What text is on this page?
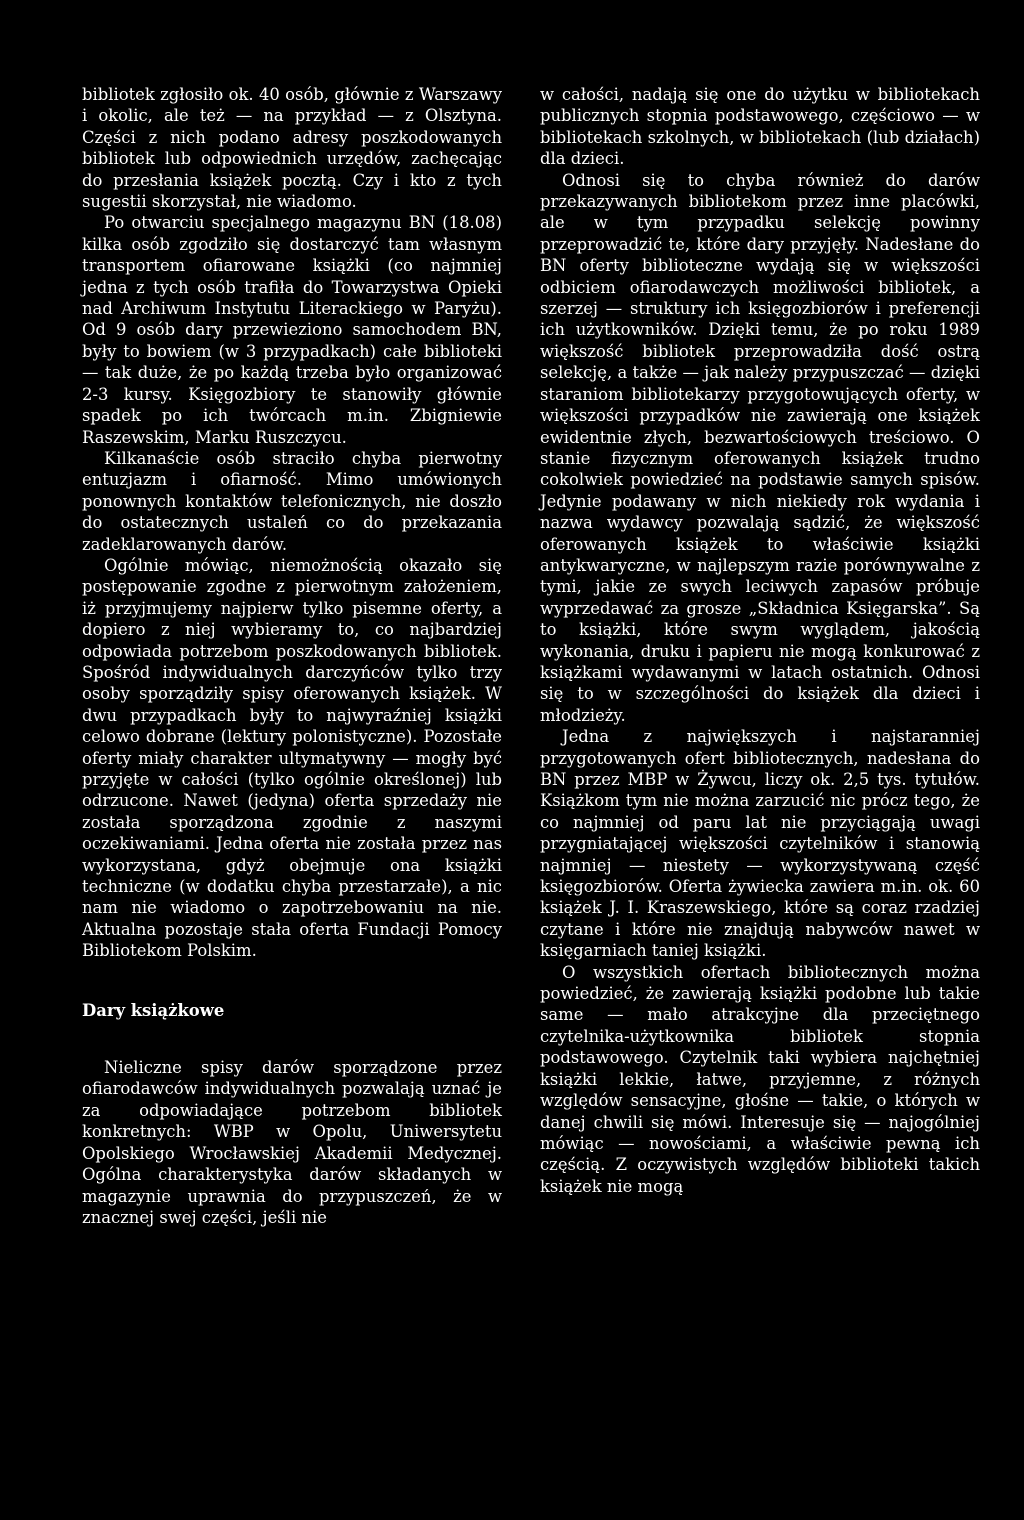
bibliotek zgłosiło ok. 40 osób, głównie z Warszawy i okolic, ale też — na przykład — z Olsztyna. Części z nich podano adresy poszkodowanych bibliotek lub odpowiednich urzędów, zachęcając do przesłania książek pocztą. Czy i kto z tych sugestii skorzystał, nie wiadomo.

Po otwarciu specjalnego magazynu BN (18.08) kilka osób zgodziło się dostarczyć tam własnym transportem ofiarowane książki (co najmniej jedna z tych osób trafiła do Towarzystwa Opieki nad Archiwum Instytutu Literackiego w Paryżu). Od 9 osób dary przewieziono samochodem BN, były to bowiem (w 3 przypadkach) całe biblioteki — tak duże, że po każdą trzeba było organizować 2-3 kursy. Księgozbiory te stanowiły głównie spadek po ich twórcach m.in. Zbigniewie Raszewskim, Marku Ruszczycu.

Kilkanaście osób straciło chyba pierwotny entuzjazm i ofiarność. Mimo umówionych ponownych kontaktów telefonicznych, nie doszło do ostatecznych ustaleń co do przekazania zadeklarowanych darów.

Ogólnie mówiąc, niemożnością okazało się postępowanie zgodne z pierwotnym założeniem, iż przyjmujemy najpierw tylko pisemne oferty, a dopiero z niej wybieramy to, co najbardziej odpowiada potrzebom poszkodowanych bibliotek. Spośród indywidualnych darczyńców tylko trzy osoby sporządziły spisy oferowanych książek. W dwu przypadkach były to najwyraźniej książki celowo dobrane (lektury polonistyczne). Pozostałe oferty miały charakter ultymatywny — mogły być przyjęte w całości (tylko ogólnie określonej) lub odrzucone. Nawet (jedyna) oferta sprzedaży nie została sporządzona zgodnie z naszymi oczekiwaniami. Jedna oferta nie została przez nas wykorzystana, gdyż obejmuje ona książki techniczne (w dodatku chyba przestarzałe), a nic nam nie wiadomo o zapotrzebowaniu na nie. Aktualna pozostaje stała oferta Fundacji Pomocy Bibliotekom Polskim.

Dary książkowe

Nieliczne spisy darów sporządzone przez ofiarodawców indywidualnych pozwalają uznać je za odpowiadające potrzebom bibliotek konkretnych: WBP w Opolu, Uniwersytetu Opolskiego Wrocławskiej Akademii Medycznej. Ogólna charakterystyka darów składanych w magazynie uprawnia do przypuszczeń, że w znacznej swej części, jeśli nie

w całości, nadają się one do użytku w bibliotekach publicznych stopnia podstawowego, częściowo — w bibliotekach szkolnych, w bibliotekach (lub działach) dla dzieci.

Odnosi się to chyba również do darów przekazywanych bibliotekom przez inne placówki, ale w tym przypadku selekcję powinny przeprowadzić te, które dary przyjęły. Nadesłane do BN oferty biblioteczne wydają się w większości odbiciem ofiarodawczych możliwości bibliotek, a szerzej — struktury ich księgozbiorów i preferencji ich użytkowników. Dzięki temu, że po roku 1989 większość bibliotek przeprowadziła dość ostrą selekcję, a także — jak należy przypuszczać — dzięki staraniom bibliotekarzy przygotowujących oferty, w większości przypadków nie zawierają one książek ewidentnie złych, bezwartościowych treściowo. O stanie fizycznym oferowanych książek trudno cokolwiek powiedzieć na podstawie samych spisów. Jedynie podawany w nich niekiedy rok wydania i nazwa wydawcy pozwalają sądzić, że większość oferowanych książek to właściwie książki antykwaryczne, w najlepszym razie porównywalne z tymi, jakie ze swych leciwych zapasów próbuje wyprzedawać za grosze „Składnica Księgarska”. Są to książki, które swym wyglądem, jakością wykonania, druku i papieru nie mogą konkurować z książkami wydawanymi w latach ostatnich. Odnosi się to w szczególności do książek dla dzieci i młodzieży.

Jedna z największych i najstaranniej przygotowanych ofert bibliotecznych, nadesłana do BN przez MBP w Żywcu, liczy ok. 2,5 tys. tytułów. Książkom tym nie można zarzucić nic prócz tego, że co najmniej od paru lat nie przyciągają uwagi przygniatającej większości czytelników i stanowią najmniej — niestety — wykorzystywaną część księgozbiorów. Oferta żywiecka zawiera m.in. ok. 60 książek J. I. Kraszewskiego, które są coraz rzadziej czytane i które nie znajdują nabywców nawet w księgarniach taniej książki.

O wszystkich ofertach bibliotecznych można powiedzieć, że zawierają książki podobne lub takie same — mało atrakcyjne dla przeciętnego czytelnika-użytkownika bibliotek stopnia podstawowego. Czytelnik taki wybiera najchętniej książki lekkie, łatwe, przyjemne, z różnych względów sensacyjne, głośne — takie, o których w danej chwili się mówi. Interesuje się — najogólniej mówiąc — nowościami, a właściwie pewną ich częścią. Z oczywistych względów biblioteki takich książek nie mogą
